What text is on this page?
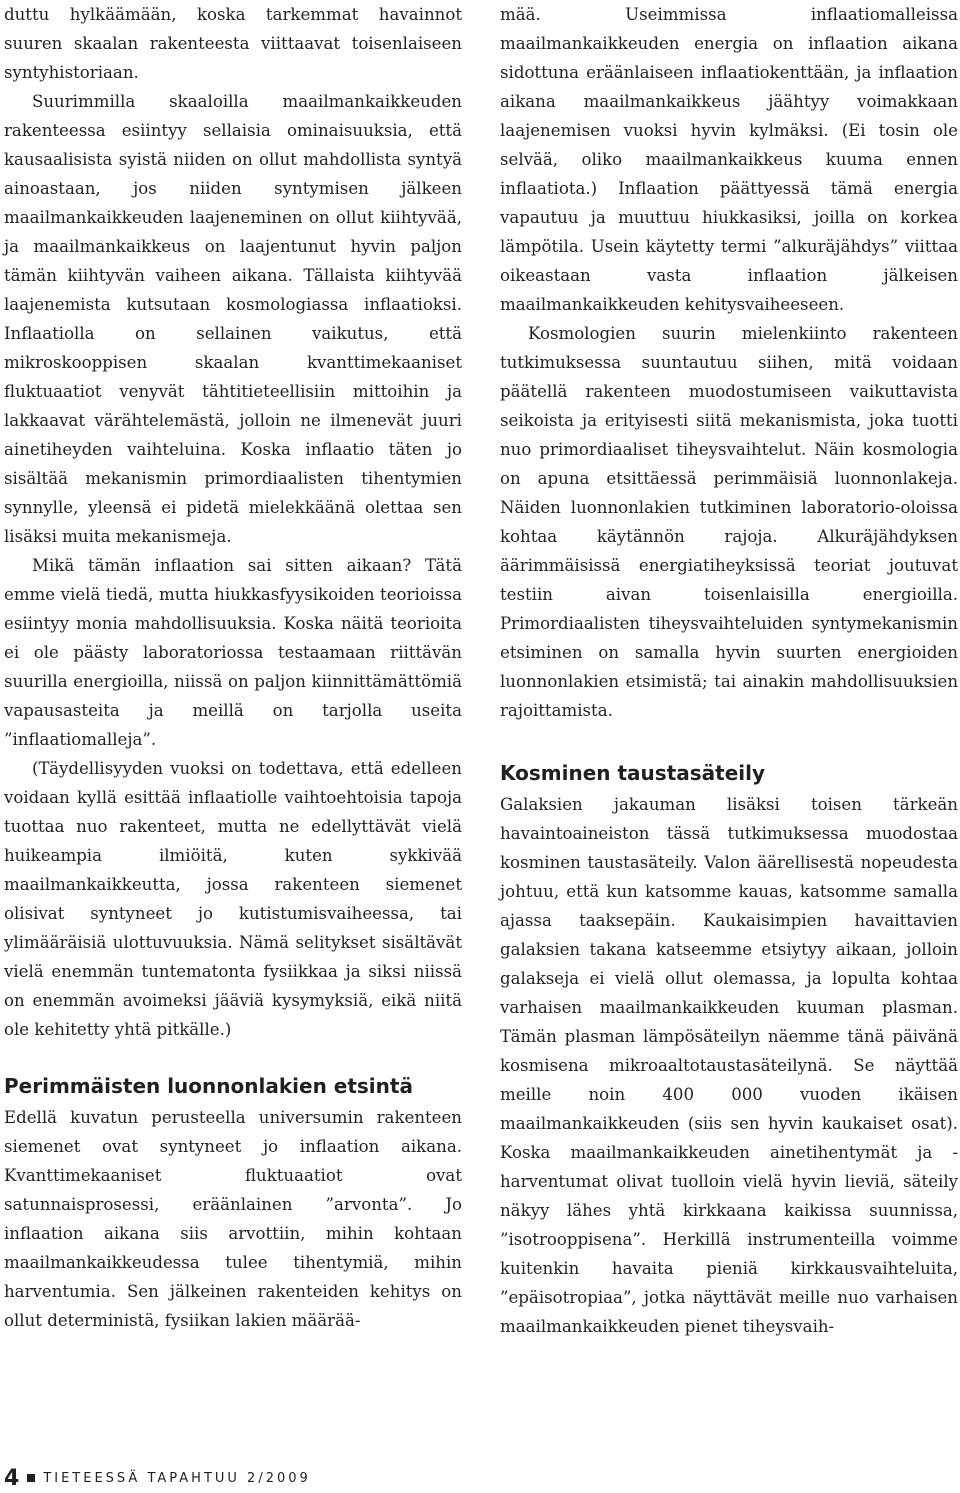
duttu hylkäämään, koska tarkemmat havainnot suuren skaalan rakenteesta viittaavat toisenlaiseen syntyhistoriaan.

Suurimmilla skaaloilla maailmankaikkeuden rakenteessa esiintyy sellaisia ominaisuuksia, että kausaalisista syistä niiden on ollut mahdollista syntyä ainoastaan, jos niiden syntymisen jälkeen maailmankaikkeuden laajeneminen on ollut kiihtyvää, ja maailmankaikkeus on laajentunut hyvin paljon tämän kiihtyvän vaiheen aikana. Tällaista kiihtyvää laajenemista kutsutaan kosmologiassa inflaatioksi. Inflaatiolla on sellainen vaikutus, että mikroskooppisen skaalan kvanttimekaaniset fluktuaatiot venyvät tähtitieteellisiin mittoihin ja lakkaavat värähtelemästä, jolloin ne ilmenevät juuri ainetiheyden vaihteluina. Koska inflaatio täten jo sisältää mekanismin primordiaalisten tihentymien synnylle, yleensä ei pidetä mielekkäänä olettaa sen lisäksi muita mekanismeja.

Mikä tämän inflaation sai sitten aikaan? Tätä emme vielä tiedä, mutta hiukkasfyysikoiden teorioissa esiintyy monia mahdollisuuksia. Koska näitä teorioita ei ole päästy laboratoriossa testaamaan riittävän suurilla energioilla, niissä on paljon kiinnittämättömiä vapausasteita ja meillä on tarjolla useita ”inflaatiomalleja”.

(Täydellisyyden vuoksi on todettava, että edelleen voidaan kyllä esittää inflaatiolle vaihtoehtoisia tapoja tuottaa nuo rakenteet, mutta ne edellyttävät vielä huikeampia ilmiöitä, kuten sykkivää maailmankaikkeutta, jossa rakenteen siemenet olisivat syntyneet jo kutistumisvaiheessa, tai ylimääräisiä ulottuvuuksia. Nämä selitykset sisältävät vielä enemmän tuntematonta fysiikkaa ja siksi niissä on enemmän avoimeksi jääviä kysymyksiä, eikä niitä ole kehitetty yhtä pitkälle.)

Perimmäisten luonnonlakien etsintä

Edellä kuvatun perusteella universumin rakenteen siemenet ovat syntyneet jo inflaation aikana. Kvanttimekaaniset fluktuaatiot ovat satunnaisprosessi, eräänlainen ”arvonta”. Jo inflaation aikana siis arvottiin, mihin kohtaan maailmankaikkeudessa tulee tihentymiä, mihin harventumia. Sen jälkeinen rakenteiden kehitys on ollut deterministä, fysiikan lakien määrää-

mää. Useimmissa inflaatiomalleissa maailmankaikkeuden energia on inflaation aikana sidottuna eräänlaiseen inflaatiokenttään, ja inflaation aikana maailmankaikkeus jäähtyy voimakkaan laajenemisen vuoksi hyvin kylmäksi. (Ei tosin ole selvää, oliko maailmankaikkeus kuuma ennen inflaatiota.) Inflaation päättyessä tämä energia vapautuu ja muuttuu hiukkasiksi, joilla on korkea lämpötila. Usein käytetty termi ”alkuräjähdys” viittaa oikeastaan vasta inflaation jälkeisen maailmankaikkeuden kehitysvaiheeseen.

Kosmologien suurin mielenkiinto rakenteen tutkimuksessa suuntautuu siihen, mitä voidaan päätellä rakenteen muodostumiseen vaikuttavista seikoista ja erityisesti siitä mekanismista, joka tuotti nuo primordiaaliset tiheysvaihtelut. Näin kosmologia on apuna etsittäessä perimmäisiä luonnonlakeja. Näiden luonnonlakien tutkiminen laboratorio-oloissa kohtaa käytännön rajoja. Alkuräjähdyksen äärimmäisissä energiatiheyksissä teoriat joutuvat testiin aivan toisenlaisilla energioilla. Primordiaalisten tiheysvaihteluiden syntymekanismin etsiminen on samalla hyvin suurten energioiden luonnonlakien etsimistä; tai ainakin mahdollisuuksien rajoittamista.

Kosminen taustasäteily

Galaksien jakauman lisäksi toisen tärkeän havaintoaineiston tässä tutkimuksessa muodostaa kosminen taustasäteily. Valon äärellisestä nopeudesta johtuu, että kun katsomme kauas, katsomme samalla ajassa taaksepäin. Kaukaisimpien havaittavien galaksien takana katseemme etsiytyy aikaan, jolloin galakseja ei vielä ollut olemassa, ja lopulta kohtaa varhaisen maailmankaikkeuden kuuman plasman. Tämän plasman lämpösäteilyn näemme tänä päivänä kosmisena mikroaaltotaustasäteilynä. Se näyttää meille noin 400 000 vuoden ikäisen maailmankaikkeuden (siis sen hyvin kaukaiset osat). Koska maailmankaikkeuden ainetihentymät ja -harventumat olivat tuolloin vielä hyvin lieviä, säteily näkyy lähes yhtä kirkkaana kaikissa suunnissa, ”isotrooppisena”. Herkillä instrumenteilla voimme kuitenkin havaita pieniä kirkkausvaihteluita, ”epäisotropiaa”, jotka näyttävät meille nuo varhaisen maailmankaikkeuden pienet tiheysvaih-

4 TIETEESSÄ TAPAHTUU 2/2009
